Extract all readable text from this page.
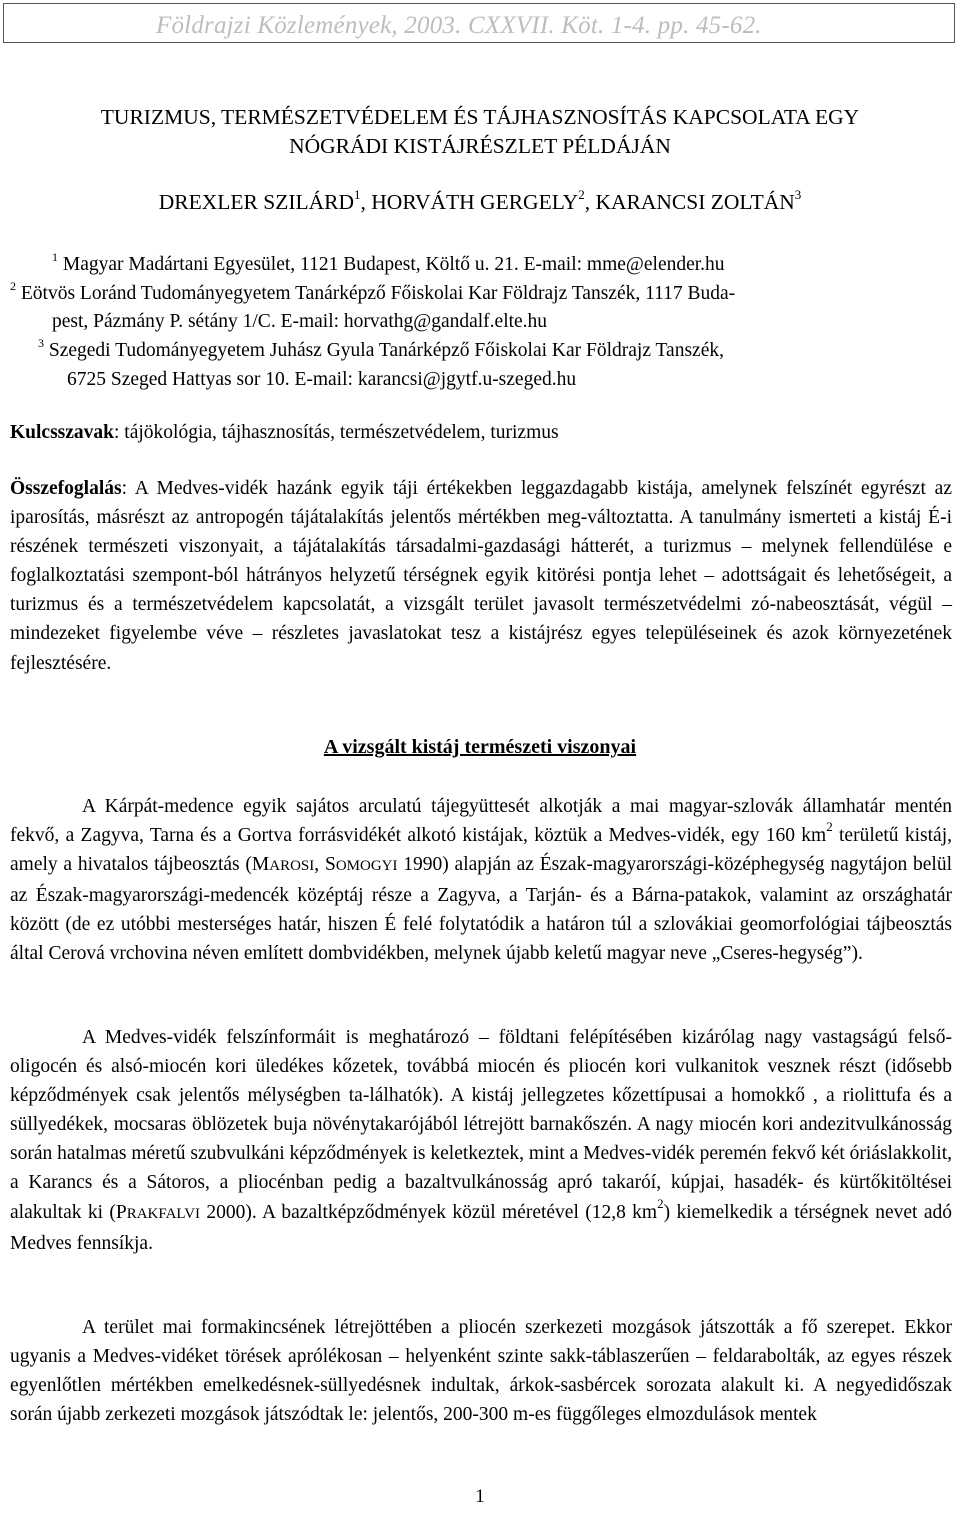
Földrajzi Közlemények, 2003. CXXVII. Köt. 1-4. pp. 45-62.
TURIZMUS, TERMÉSZETVÉDELEM ÉS TÁJHASZNOSÍTÁS KAPCSOLATA EGY
NÓGRÁDI KISTÁJRÉSZLET PÉLDÁJÁN
DREXLER SZILÁRD$^1$, HORVÁTH GERGELY$^2$, KARANCSI ZOLTÁN$^3$
$^1$ Magyar Madártani Egyesület, 1121 Budapest, Költő u. 21. E-mail: mme@elender.hu
$^2$ Eötvös Loránd Tudományegyetem Tanárképző Főiskolai Kar Földrajz Tanszék, 1117 Buda-
pest, Pázmány P. sétány 1/C. E-mail: horvathg@gandalf.elte.hu
$^3$ Szegedi Tudományegyetem Juhász Gyula Tanárképző Főiskolai Kar Földrajz Tanszék,
6725 Szeged Hattyas sor 10. E-mail: karancsi@jgytf.u-szeged.hu
Kulcsszavak: tájökológia, tájhasznosítás, természetvédelem, turizmus

Összefoglalás: A Medves-vidék hazánk egyik táji értékekben leggazdagabb kistája, amelynek felszínét egyrészt az iparosítás, másrészt az antropogén tájátalakítás jelentős mértékben meg-változtatta. A tanulmány ismerteti a kistáj É-i részének természeti viszonyait, a tájátalakítás társadalmi-gazdasági hátterét, a turizmus – melynek fellendülése e foglalkoztatási szempont-ból hátrányos helyzetű térségnek egyik kitörési pontja lehet – adottságait és lehetőségeit, a turizmus és a természetvédelem kapcsolatát, a vizsgált terület javasolt természetvédelmi zó-nabeosztását, végül – mindezeket figyelembe véve – részletes javaslatokat tesz a kistájrész egyes településeinek és azok környezetének fejlesztésére.

A vizsgált kistáj természeti viszonyai

A Kárpát-medence egyik sajátos arculatú tájegyüttesét alkotják a mai magyar-szlovák államhatár mentén fekvő, a Zagyva, Tarna és a Gortva forrásvidékét alkotó kistájak, köztük a Medves-vidék, egy 160 $km^2$ területű kistáj, amely a hivatalos tájbeosztás (MAROSI, SOMOGYI 1990) alapján az Észak-magyarországi-középhegység nagytájon belül az Észak-magyarországi-medencék középtáj része a Zagyva, a Tarján- és a Bárna-patakok, valamint az országhatár között (de ez utóbbi mesterséges határ, hiszen É felé folytatódik a határon túl a szlovákiai geomorfológiai tájbeosztás által Cerová vrchovina néven említett dombvidékben, melynek újabb keletű magyar neve „Cseres-hegység”).

A Medves-vidék felszínformáit is meghatározó – földtani felépítésében kizárólag nagy vastagságú felső-oligocén és alsó-miocén kori üledékes kőzetek, továbbá miocén és pliocén kori vulkanitok vesznek részt (idősebb képződmények csak jelentős mélységben ta-lálhatók). A kistáj jellegzetes kőzettípusai a homokkő , a riolittufa és a süllyedékek, mocsaras öblözetek buja növénytakarójából létrejött barnakőszén. A nagy miocén kori andezitvulkánosság során hatalmas méretű szubvulkáni képződmények is keletkeztek, mint a Medves-vidék peremén fekvő két óriáslakkolit, a Karancs és a Sátoros, a pliocénban pedig a bazaltvulkánosság apró takaróí, kúpjai, hasadék- és kürtőkitöltései alakultak ki (PRAKFALVI 2000). A bazaltképződmények közül méretével (12,8 $km^2$) kiemelkedik a térségnek nevet adó Medves fennsíkja.

A terület mai formakincsének létrejöttében a pliocén szerkezeti mozgások játszották a fő szerepet. Ekkor ugyanis a Medves-vidéket törések aprólékosan – helyenként szinte sakk-táblaszerűen – feldarabolták, az egyes részek egyenlőtlen mértékben emelkedésnek-süllyedésnek indultak, árkok-sasbércek sorozata alakult ki. A negyedidőszak során újabb zerkezeti mozgások játszódtak le: jelentős, 200-300 m-es függőleges elmozdulások mentek

1
